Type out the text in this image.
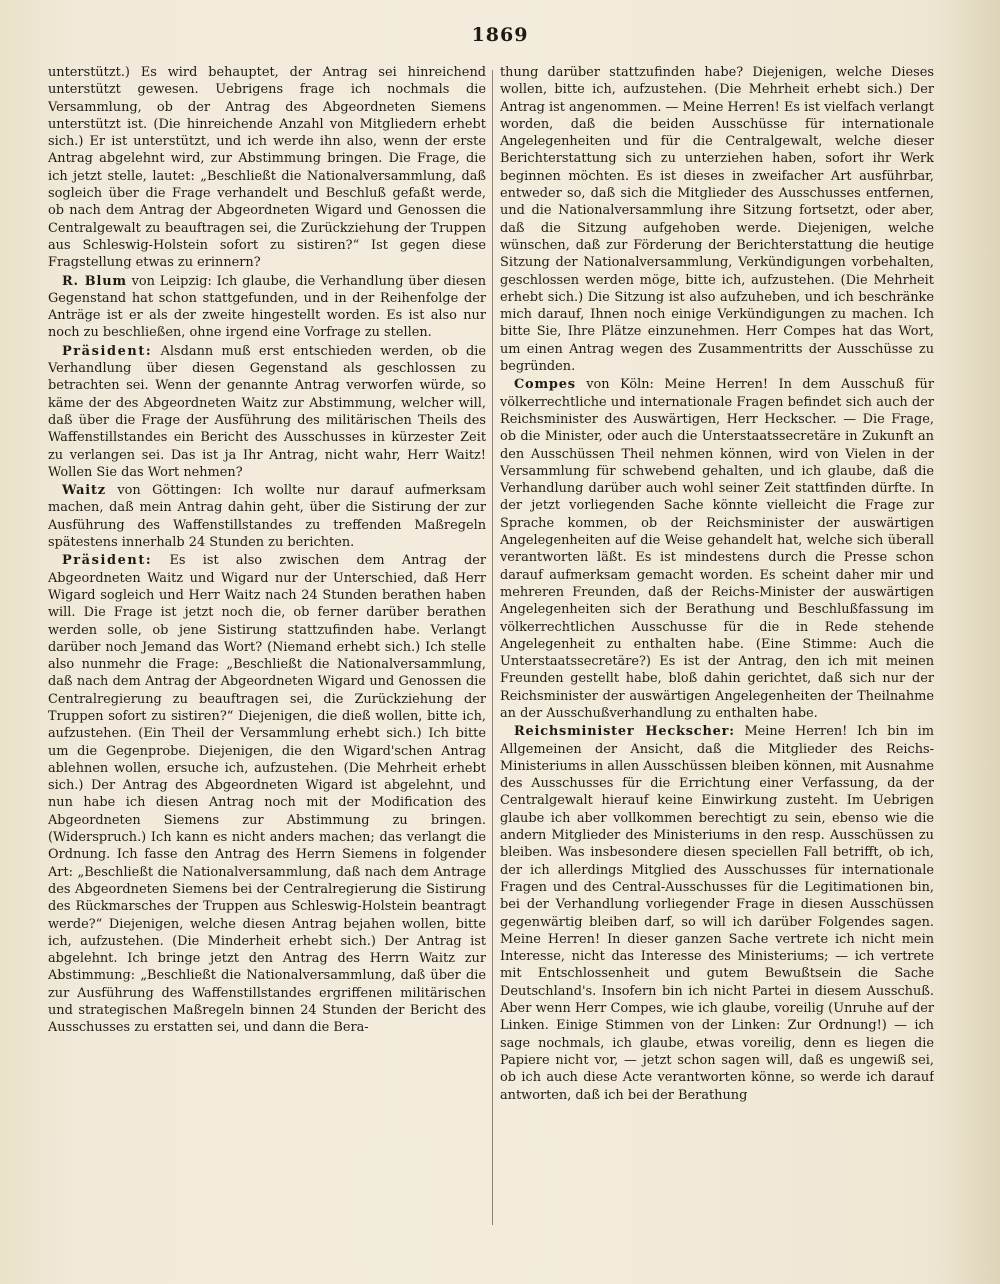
1869

unterstützt.) Es wird behauptet, der Antrag sei hinreichend unterstützt gewesen. Uebrigens frage ich nochmals die Versammlung, ob der Antrag des Abgeordneten Siemens unterstützt ist. (Die hinreichende Anzahl von Mitgliedern erhebt sich.) Er ist unterstützt, und ich werde ihn also, wenn der erste Antrag abgelehnt wird, zur Abstimmung bringen. Die Frage, die ich jetzt stelle, lautet: „Beschließt die Nationalversammlung, daß sogleich über die Frage verhandelt und Beschluß gefaßt werde, ob nach dem Antrag der Abgeordneten Wigard und Genossen die Centralgewalt zu beauftragen sei, die Zurückziehung der Truppen aus Schleswig-Holstein sofort zu sistiren?“ Ist gegen diese Fragstellung etwas zu erinnern?

R. Blum von Leipzig: Ich glaube, die Verhandlung über diesen Gegenstand hat schon stattgefunden, und in der Reihenfolge der Anträge ist er als der zweite hingestellt worden. Es ist also nur noch zu beschließen, ohne irgend eine Vorfrage zu stellen.

Präsident: Alsdann muß erst entschieden werden, ob die Verhandlung über diesen Gegenstand als geschlossen zu betrachten sei. Wenn der genannte Antrag verworfen würde, so käme der des Abgeordneten Waitz zur Abstimmung, welcher will, daß über die Frage der Ausführung des militärischen Theils des Waffenstillstandes ein Bericht des Ausschusses in kürzester Zeit zu verlangen sei. Das ist ja Ihr Antrag, nicht wahr, Herr Waitz! Wollen Sie das Wort nehmen?

Waitz von Göttingen: Ich wollte nur darauf aufmerksam machen, daß mein Antrag dahin geht, über die Sistirung der zur Ausführung des Waffenstillstandes zu treffenden Maßregeln spätestens innerhalb 24 Stunden zu berichten.

Präsident: Es ist also zwischen dem Antrag der Abgeordneten Waitz und Wigard nur der Unterschied, daß Herr Wigard sogleich und Herr Waitz nach 24 Stunden berathen haben will. Die Frage ist jetzt noch die, ob ferner darüber berathen werden solle, ob jene Sistirung stattzufinden habe. Verlangt darüber noch Jemand das Wort? (Niemand erhebt sich.) Ich stelle also nunmehr die Frage: „Beschließt die Nationalversammlung, daß nach dem Antrag der Abgeordneten Wigard und Genossen die Centralregierung zu beauftragen sei, die Zurückziehung der Truppen sofort zu sistiren?“ Diejenigen, die dieß wollen, bitte ich, aufzustehen. (Ein Theil der Versammlung erhebt sich.) Ich bitte um die Gegenprobe. Diejenigen, die den Wigard'schen Antrag ablehnen wollen, ersuche ich, aufzustehen. (Die Mehrheit erhebt sich.) Der Antrag des Abgeordneten Wigard ist abgelehnt, und nun habe ich diesen Antrag noch mit der Modification des Abgeordneten Siemens zur Abstimmung zu bringen. (Widerspruch.) Ich kann es nicht anders machen; das verlangt die Ordnung. Ich fasse den Antrag des Herrn Siemens in folgender Art: „Beschließt die Nationalversammlung, daß nach dem Antrage des Abgeordneten Siemens bei der Centralregierung die Sistirung des Rückmarsches der Truppen aus Schleswig-Holstein beantragt werde?“ Diejenigen, welche diesen Antrag bejahen wollen, bitte ich, aufzustehen. (Die Minderheit erhebt sich.) Der Antrag ist abgelehnt. Ich bringe jetzt den Antrag des Herrn Waitz zur Abstimmung: „Beschließt die Nationalversammlung, daß über die zur Ausführung des Waffenstillstandes ergriffenen militärischen und strategischen Maßregeln binnen 24 Stunden der Bericht des Ausschusses zu erstatten sei, und dann die Bera-

thung darüber stattzufinden habe? Diejenigen, welche Dieses wollen, bitte ich, aufzustehen. (Die Mehrheit erhebt sich.) Der Antrag ist angenommen. — Meine Herren! Es ist vielfach verlangt worden, daß die beiden Ausschüsse für internationale Angelegenheiten und für die Centralgewalt, welche dieser Berichterstattung sich zu unterziehen haben, sofort ihr Werk beginnen möchten. Es ist dieses in zweifacher Art ausführbar, entweder so, daß sich die Mitglieder des Ausschusses entfernen, und die Nationalversammlung ihre Sitzung fortsetzt, oder aber, daß die Sitzung aufgehoben werde. Diejenigen, welche wünschen, daß zur Förderung der Berichterstattung die heutige Sitzung der Nationalversammlung, Verkündigungen vorbehalten, geschlossen werden möge, bitte ich, aufzustehen. (Die Mehrheit erhebt sich.) Die Sitzung ist also aufzuheben, und ich beschränke mich darauf, Ihnen noch einige Verkündigungen zu machen. Ich bitte Sie, Ihre Plätze einzunehmen. Herr Compes hat das Wort, um einen Antrag wegen des Zusammentritts der Ausschüsse zu begründen.

Compes von Köln: Meine Herren! In dem Ausschuß für völkerrechtliche und internationale Fragen befindet sich auch der Reichsminister des Auswärtigen, Herr Heckscher. — Die Frage, ob die Minister, oder auch die Unterstaatssecretäre in Zukunft an den Ausschüssen Theil nehmen können, wird von Vielen in der Versammlung für schwebend gehalten, und ich glaube, daß die Verhandlung darüber auch wohl seiner Zeit stattfinden dürfte. In der jetzt vorliegenden Sache könnte vielleicht die Frage zur Sprache kommen, ob der Reichsminister der auswärtigen Angelegenheiten auf die Weise gehandelt hat, welche sich überall verantworten läßt. Es ist mindestens durch die Presse schon darauf aufmerksam gemacht worden. Es scheint daher mir und mehreren Freunden, daß der Reichs-Minister der auswärtigen Angelegenheiten sich der Berathung und Beschlußfassung im völkerrechtlichen Ausschusse für die in Rede stehende Angelegenheit zu enthalten habe. (Eine Stimme: Auch die Unterstaatssecretäre?) Es ist der Antrag, den ich mit meinen Freunden gestellt habe, bloß dahin gerichtet, daß sich nur der Reichsminister der auswärtigen Angelegenheiten der Theilnahme an der Ausschußverhandlung zu enthalten habe.

Reichsminister Heckscher: Meine Herren! Ich bin im Allgemeinen der Ansicht, daß die Mitglieder des Reichs-Ministeriums in allen Ausschüssen bleiben können, mit Ausnahme des Ausschusses für die Errichtung einer Verfassung, da der Centralgewalt hierauf keine Einwirkung zusteht. Im Uebrigen glaube ich aber vollkommen berechtigt zu sein, ebenso wie die andern Mitglieder des Ministeriums in den resp. Ausschüssen zu bleiben. Was insbesondere diesen speciellen Fall betrifft, ob ich, der ich allerdings Mitglied des Ausschusses für internationale Fragen und des Central-Ausschusses für die Legitimationen bin, bei der Verhandlung vorliegender Frage in diesen Ausschüssen gegenwärtig bleiben darf, so will ich darüber Folgendes sagen. Meine Herren! In dieser ganzen Sache vertrete ich nicht mein Interesse, nicht das Interesse des Ministeriums; — ich vertrete mit Entschlossenheit und gutem Bewußtsein die Sache Deutschland's. Insofern bin ich nicht Partei in diesem Ausschuß. Aber wenn Herr Compes, wie ich glaube, voreilig (Unruhe auf der Linken. Einige Stimmen von der Linken: Zur Ordnung!) — ich sage nochmals, ich glaube, etwas voreilig, denn es liegen die Papiere nicht vor, — jetzt schon sagen will, daß es ungewiß sei, ob ich auch diese Acte verantworten könne, so werde ich darauf antworten, daß ich bei der Berathung
